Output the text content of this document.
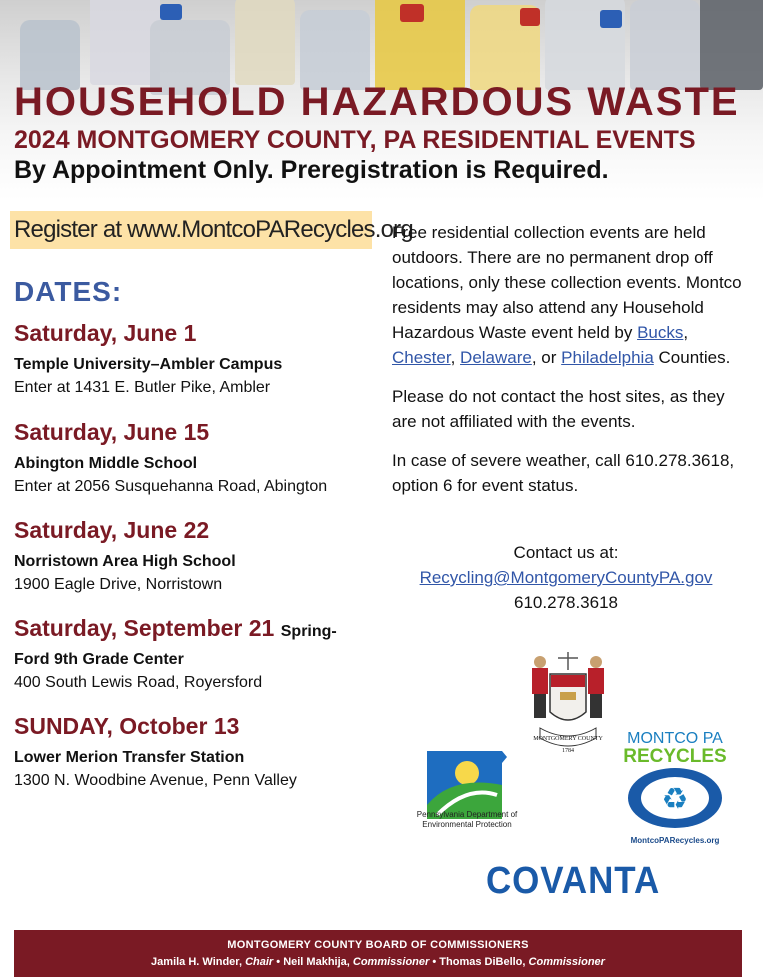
HOUSEHOLD HAZARDOUS WASTE
2024 MONTGOMERY COUNTY, PA RESIDENTIAL EVENTS
By Appointment Only. Preregistration is Required.
Register at www.MontcoPARecycles.org
DATES:
Saturday, June 1
Temple University–Ambler Campus
Enter at 1431 E. Butler Pike, Ambler
Saturday, June 15
Abington Middle School
Enter at 2056 Susquehanna Road, Abington
Saturday, June 22
Norristown Area High School
1900 Eagle Drive, Norristown
Saturday, September 21 Spring-
Ford 9th Grade Center
400 South Lewis Road, Royersford
SUNDAY, October 13
Lower Merion Transfer Station
1300 N. Woodbine Avenue, Penn Valley

Free residential collection events are held outdoors. There are no permanent drop off locations, only these collection events. Montco residents may also attend any Household Hazardous Waste event held by Bucks, Chester, Delaware, or Philadelphia Counties.

Please do not contact the host sites, as they are not affiliated with the events.

In case of severe weather, call 610.278.3618, option 6 for event status.

Contact us at:
Recycling@MontgomeryCountyPA.gov
610.278.3618
MONTGOMERY COUNTY
1784
Pennsylvania Department of Environmental Protection
MONTCO PA
RECYCLES
♻
MontcoPARecycles.org
COVANTA
MONTGOMERY COUNTY BOARD OF COMMISSIONERS
Jamila H. Winder, Chair • Neil Makhija, Commissioner • Thomas DiBello, Commissioner
